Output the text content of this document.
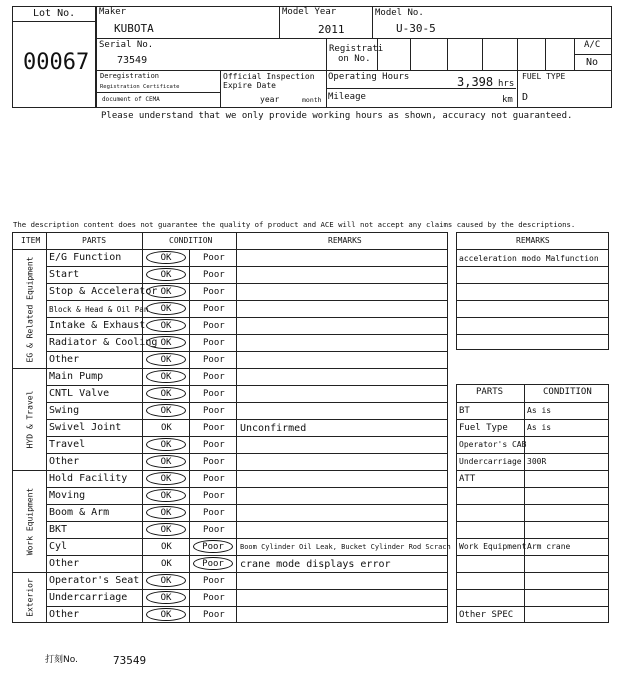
Lot No.
00067
Maker
KUBOTA
Model Year
2011
Model No.
U-30-5
Serial No.
73549
Registrati
on No.
A/C
No
Deregistration
Registration Certificate
document of CEMA
Official Inspection
Expire Date
year	month
Operating Hours	3,398 hrs
Mileage	km
FUEL TYPE
D
Please understand that we only provide working hours as shown, accuracy not guaranteed.
The description content does not guarantee the quality of product and ACE will not accept any claims caused by the descriptions.
ITEM	PARTS	CONDITION	REMARKS
EG & Related Equipment
HYD & Travel
Work Equipment
Exterior
E/G Function	OK	Poor
Start	OK	Poor
Stop & Accelerator OK	Poor
Block & Head & Oil Pan	OK	Poor
Intake & Exhaust	OK	Poor
Radiator & Cooling OK	Poor
Other	OK	Poor
Main Pump	OK	Poor
CNTL Valve	OK	Poor
Swing	OK	Poor
Swivel Joint	OK	Poor Unconfirmed
Travel	OK	Poor
Other	OK	Poor
Hold Facility	OK	Poor
Moving	OK	Poor
Boom & Arm	OK	Poor
BKT	OK	Poor
Cyl	OK	Poor	Boom Cylinder Oil Leak, Bucket Cylinder Rod Scrach
Other	OK	Poor	crane mode displays error
Operator's Seat	OK	Poor
Undercarriage	OK	Poor
Other	OK	Poor
REMARKS
acceleration modo Malfunction
PARTS	CONDITION
BT	As is
Fuel Type As is
Operator's CAB
Undercarriage 300R
ATT
Work Equipment Arm crane
Other SPEC
打刻No.	73549
